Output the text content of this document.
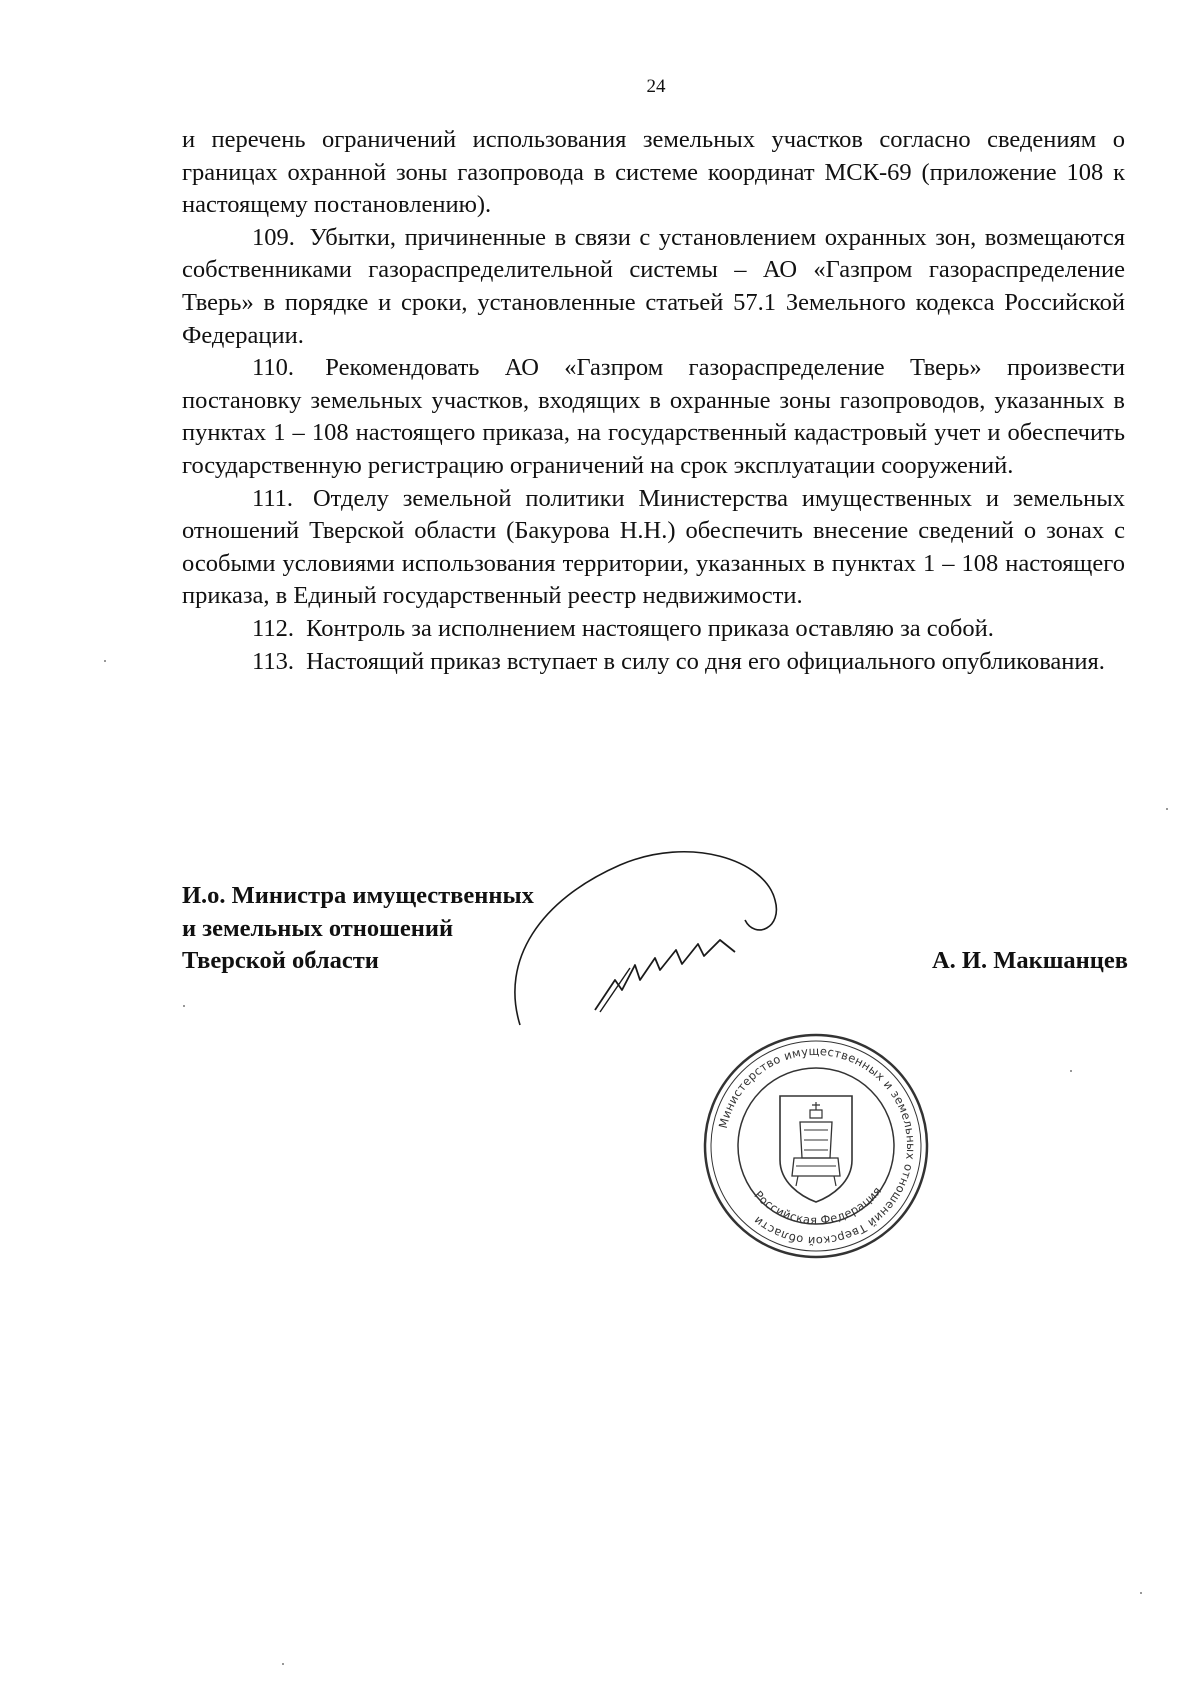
24

и перечень ограничений использования земельных участков согласно сведениям о границах охранной зоны газопровода в системе координат МСК-69 (приложение 108 к настоящему постановлению).

109. Убытки, причиненные в связи с установлением охранных зон, возмещаются собственниками газораспределительной системы – АО «Газпром газораспределение Тверь» в порядке и сроки, установленные статьей 57.1 Земельного кодекса Российской Федерации.

110. Рекомендовать АО «Газпром газораспределение Тверь» произвести постановку земельных участков, входящих в охранные зоны газопроводов, указанных в пунктах 1 – 108 настоящего приказа, на государственный кадастровый учет и обеспечить государственную регистрацию ограничений на срок эксплуатации сооружений.

111. Отделу земельной политики Министерства имущественных и земельных отношений Тверской области (Бакурова Н.Н.) обеспечить внесение сведений о зонах с особыми условиями использования территории, указанных в пунктах 1 – 108 настоящего приказа, в Единый государственный реестр недвижимости.

112. Контроль за исполнением настоящего приказа оставляю за собой.

113. Настоящий приказ вступает в силу со дня его официального опубликования.

И.о. Министра имущественных
и земельных отношений
Тверской области	А. И. Макшанцев
Министерство имущественных и земельных отношений Тверской области
Российская Федерация
